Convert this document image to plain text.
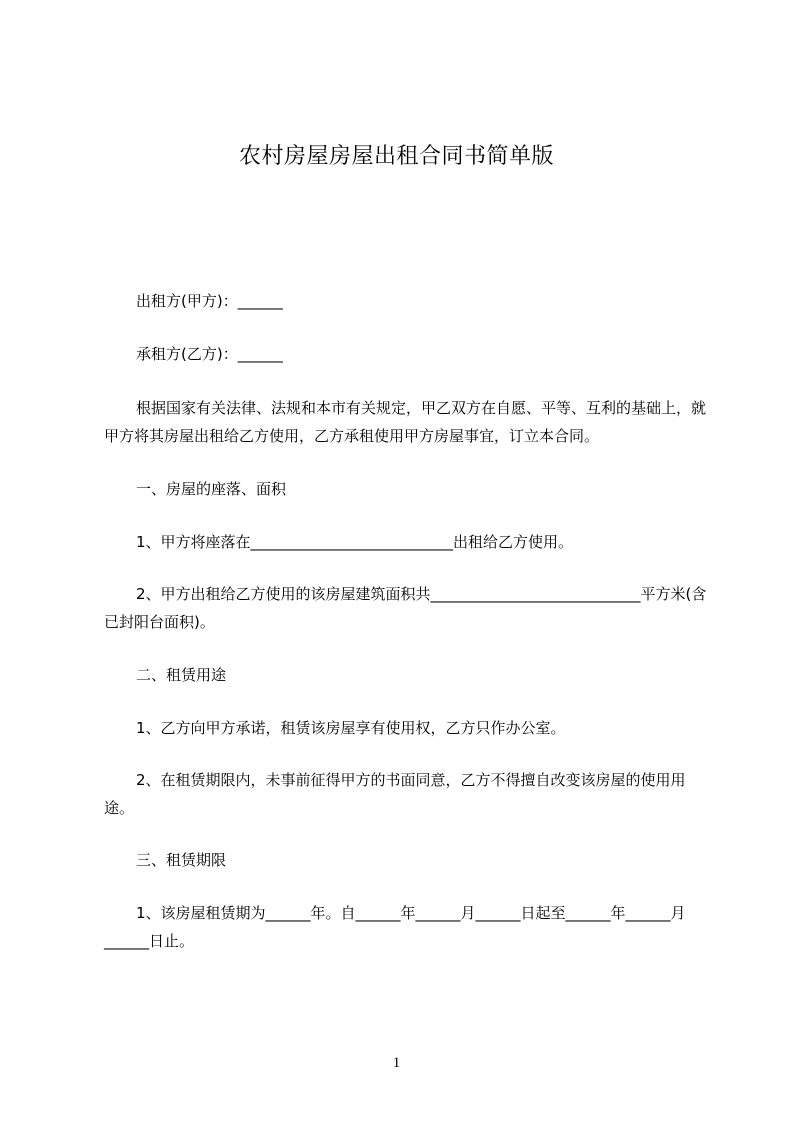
农村房屋房屋出租合同书简单版
出租方(甲方)：______
承租方(乙方)：______
根据国家有关法律、法规和本市有关规定，甲乙双方在自愿、平等、互利的基础上，就甲方将其房屋出租给乙方使用，乙方承租使用甲方房屋事宜，订立本合同。
一、房屋的座落、面积
1、甲方将座落在___________________________出租给乙方使用。
2、甲方出租给乙方使用的该房屋建筑面积共____________________________平方米(含已封阳台面积)。
二、租赁用途
1、乙方向甲方承诺，租赁该房屋享有使用权，乙方只作办公室。
2、在租赁期限内，未事前征得甲方的书面同意，乙方不得擅自改变该房屋的使用用途。
三、租赁期限
1、该房屋租赁期为______年。自______年______月______日起至______年______月______日止。
1
